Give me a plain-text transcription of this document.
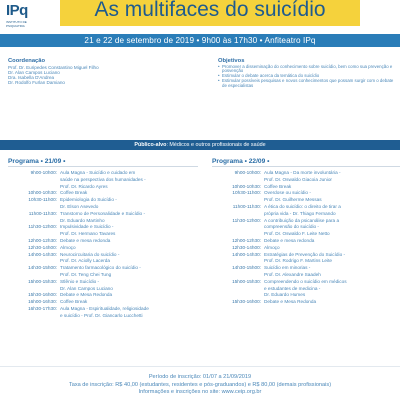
IPq
INSTITUTO DE PSIQUIATRIA
As multifaces do suicídio
21 e 22 de setembro de 2019 • 9h00 às 17h30 • Anfiteatro IPq
Coordenação
Prof. Dr. Euripedes Constantino Miguel Filho
Dr. Alan Campos Luciano
Dra. Isabella D'Andrea
Dr. Rodolfo Furlan Damiano
Objetivos
• Promover a disseminação do conhecimento sobre suicídio, bem como sua prevenção e posvenção
• Estimular o debate acerca da temática do suicídio
• Estimular possíveis pesquisas e novos conhecimentos que possam surgir com o debate de especialistas
Público-alvo: Médicos e outros profissionais de saúde
Programa • 21/09 •
9h00-10h00: Aula Magna - Suicídio e cuidado em
saúde na perspectiva dos humanidades -
Prof. Dr. Ricardo Ayres
10h00-10h30: Coffee Break
10h30-11h00: Epidemiologia do Suicídio -
Dr. Elson Asevedo
11h00-11h30: Transtorno de Personalidade e Suicídio -
Dr. Eduardo Martinho
11h30-12h00: Impulsividade e Suicídio -
Prof. Dr. Hermano Tavares
12h00-12h30: Debate e mesa redonda
12h30-14h00: Almoço
14h00-14h30: Neurocircuitaria do suicídio -
Prof. Dr. Aciolly Lacerda
14h30-15h00: Tratamento farmacológico do suicídio -
Prof. Dr. Teng Chei Tung
15h00-15h30: Stlênio e Suicídio -
Dr. Alan Campos Luciano
15h30-16h00: Debate e Mesa Redonda
16h00-16h30: Coffee Break
16h30-17h30: Aula Magna - Espiritualidade, religiosidade
e suicídio - Prof. Dr. Giancarlo Lucchetti
Programa • 22/09 •
9h00-10h00: Aula Magna - Da morte involuntária -
Prof. Dr. Oswaldo Giacoia Junior
10h00-10h30: Coffee Break
10h30-11h00: Overdose ou suicídio -
Prof. Dr. Guilherme Messas
11h00-11h30: A ética do suicídio: o direito de tirar a
própria vida - Dr. Thiago Fernando
11h30-12h00: A contribuição da psicanálise para a
compreensão do suicídio -
Prof. Dr. Oswaldo F. Leite Netto
12h00-12h30: Debate e mesa redonda
12h30-14h00: Almoço
14h00-14h30: Estratégias de Prevenção do Suicídio -
Prof. Dr. Rodrigo F. Martins Leite
14h30-15h00: Suicídio em minorias -
Prof. Dr. Alexandre Saadeh
15h00-15h30: Compreendendo o suicídio em médicos
e estudantes de medicina -
Dr. Eduardo Humes
15h30-16h00: Debate e Mesa Redonda
Período de inscrição: 01/07 a 21/09/2019
Taxa de inscrição: R$ 40,00 (estudantes, residentes e pós-graduandos) e R$ 80,00 (demais profissionais)
Informações e inscrições no site: www.ceip.org.br
